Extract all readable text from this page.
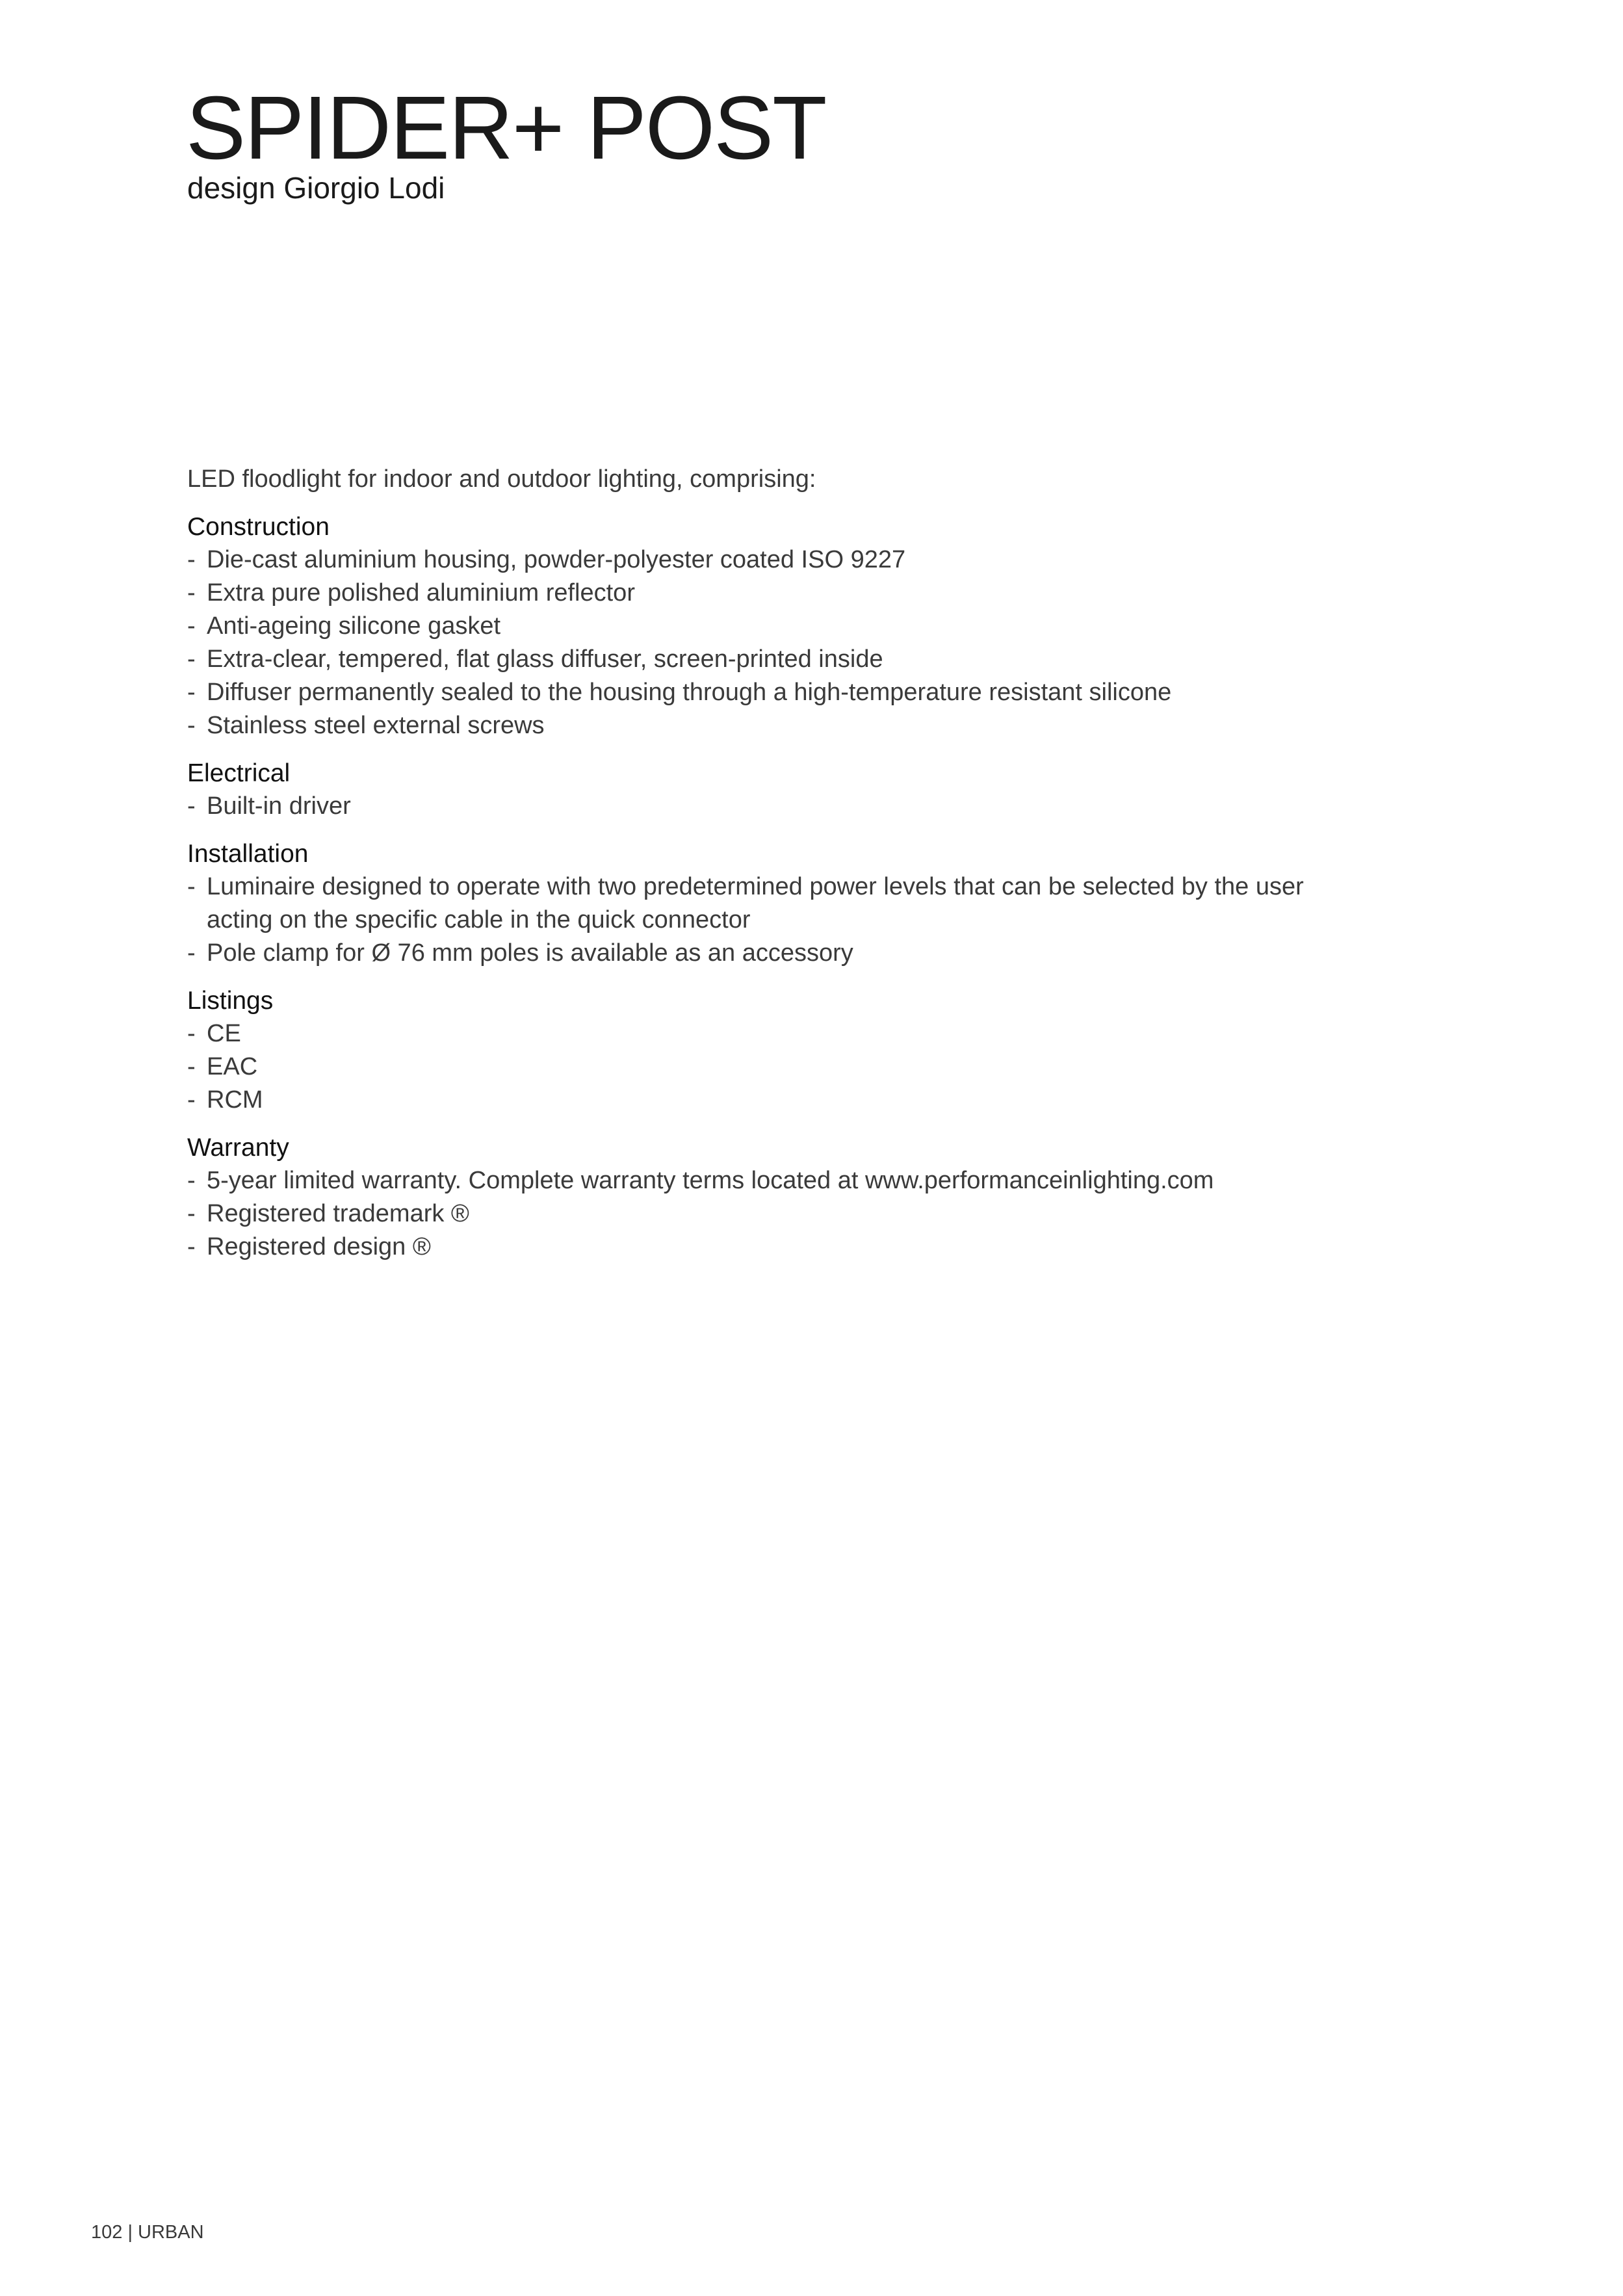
SPIDER+ POST
design Giorgio Lodi
LED floodlight for indoor and outdoor lighting, comprising:
Construction
- Die-cast aluminium housing, powder-polyester coated ISO 9227
- Extra pure polished aluminium reflector
- Anti-ageing silicone gasket
- Extra-clear, tempered, flat glass diffuser, screen-printed inside
- Diffuser permanently sealed to the housing through a high-temperature resistant silicone
- Stainless steel external screws
Electrical
- Built-in driver
Installation
- Luminaire designed to operate with two predetermined power levels that can be selected by the user acting on the specific cable in the quick connector
- Pole clamp for Ø 76 mm poles is available as an accessory
Listings
- CE
- EAC
- RCM
Warranty
- 5-year limited warranty. Complete warranty terms located at www.performanceinlighting.com
- Registered trademark ®
- Registered design ®
102 | URBAN
